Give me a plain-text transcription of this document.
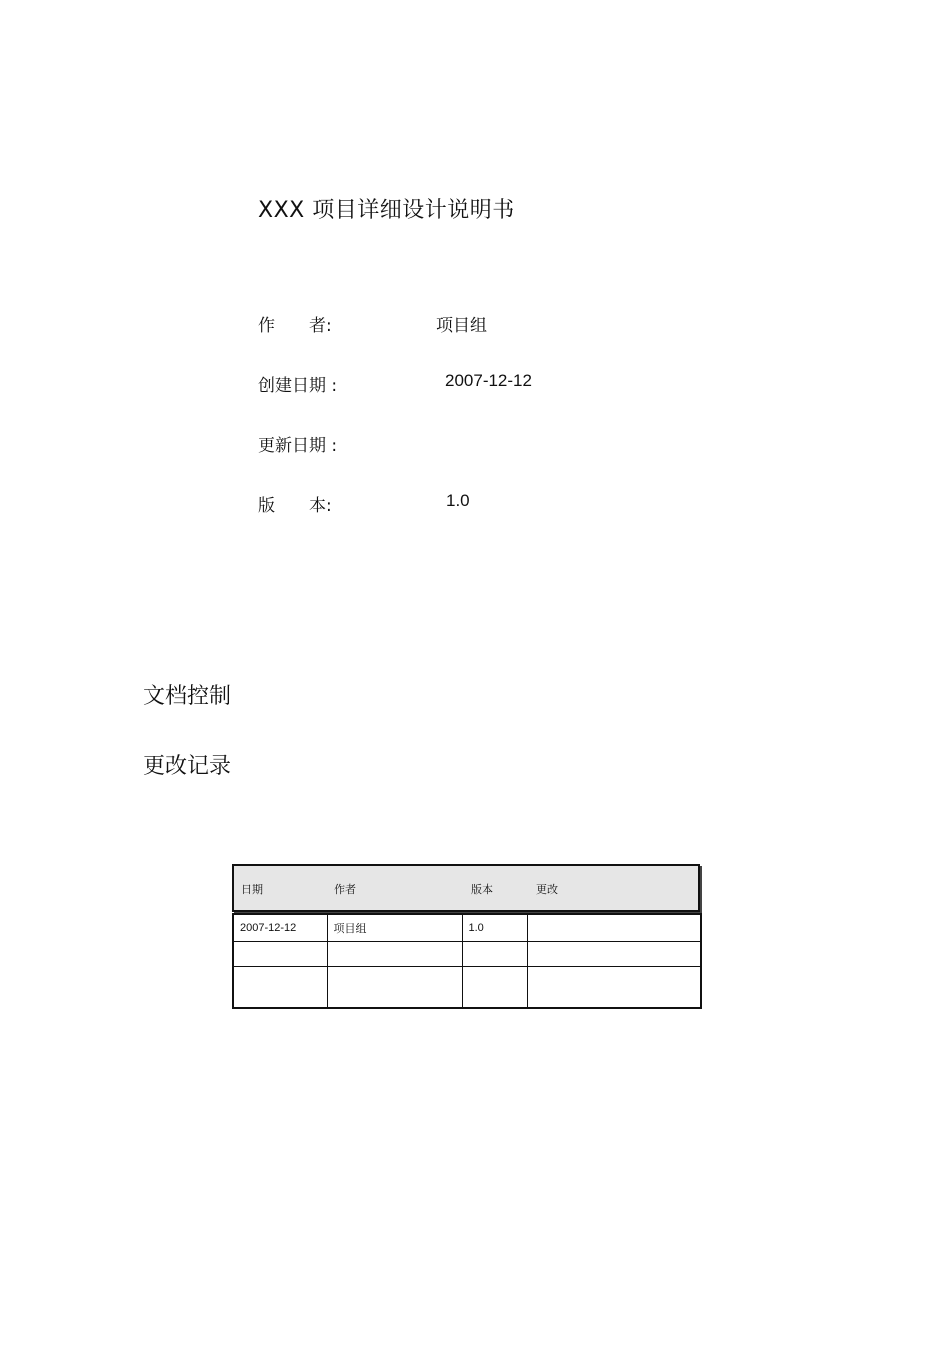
XXX 项目详细设计说明书
作　　者:	项目组
创建日期 :	2007-12-12
更新日期 :
版　　本:	1.0
文档控制
更改记录
日期	作者	版本	更改
2007-12-12	项目组	1.0	
